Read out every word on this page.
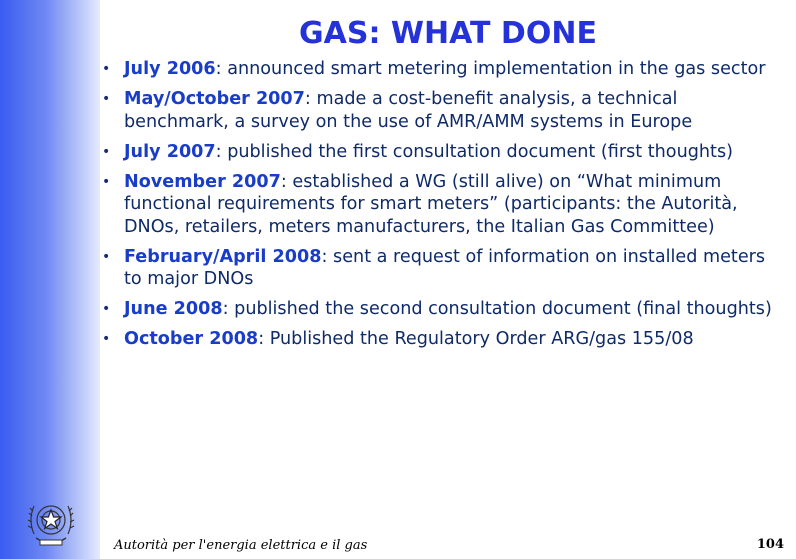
GAS: WHAT DONE
• July 2006: announced smart metering implementation in the gas sector
• May/October 2007: made a cost-benefit analysis, a technical benchmark, a survey on the use of AMR/AMM systems in Europe
• July 2007: published the first consultation document (first thoughts)
• November 2007: established a WG (still alive) on “What minimum functional requirements for smart meters” (participants: the Autorità, DNOs, retailers, meters manufacturers, the Italian Gas Committee)
• February/April 2008: sent a request of information on installed meters to major DNOs
• June 2008: published the second consultation document (final thoughts)
• October 2008: Published the Regulatory Order ARG/gas 155/08
Autorità per l'energia elettrica e il gas	104
